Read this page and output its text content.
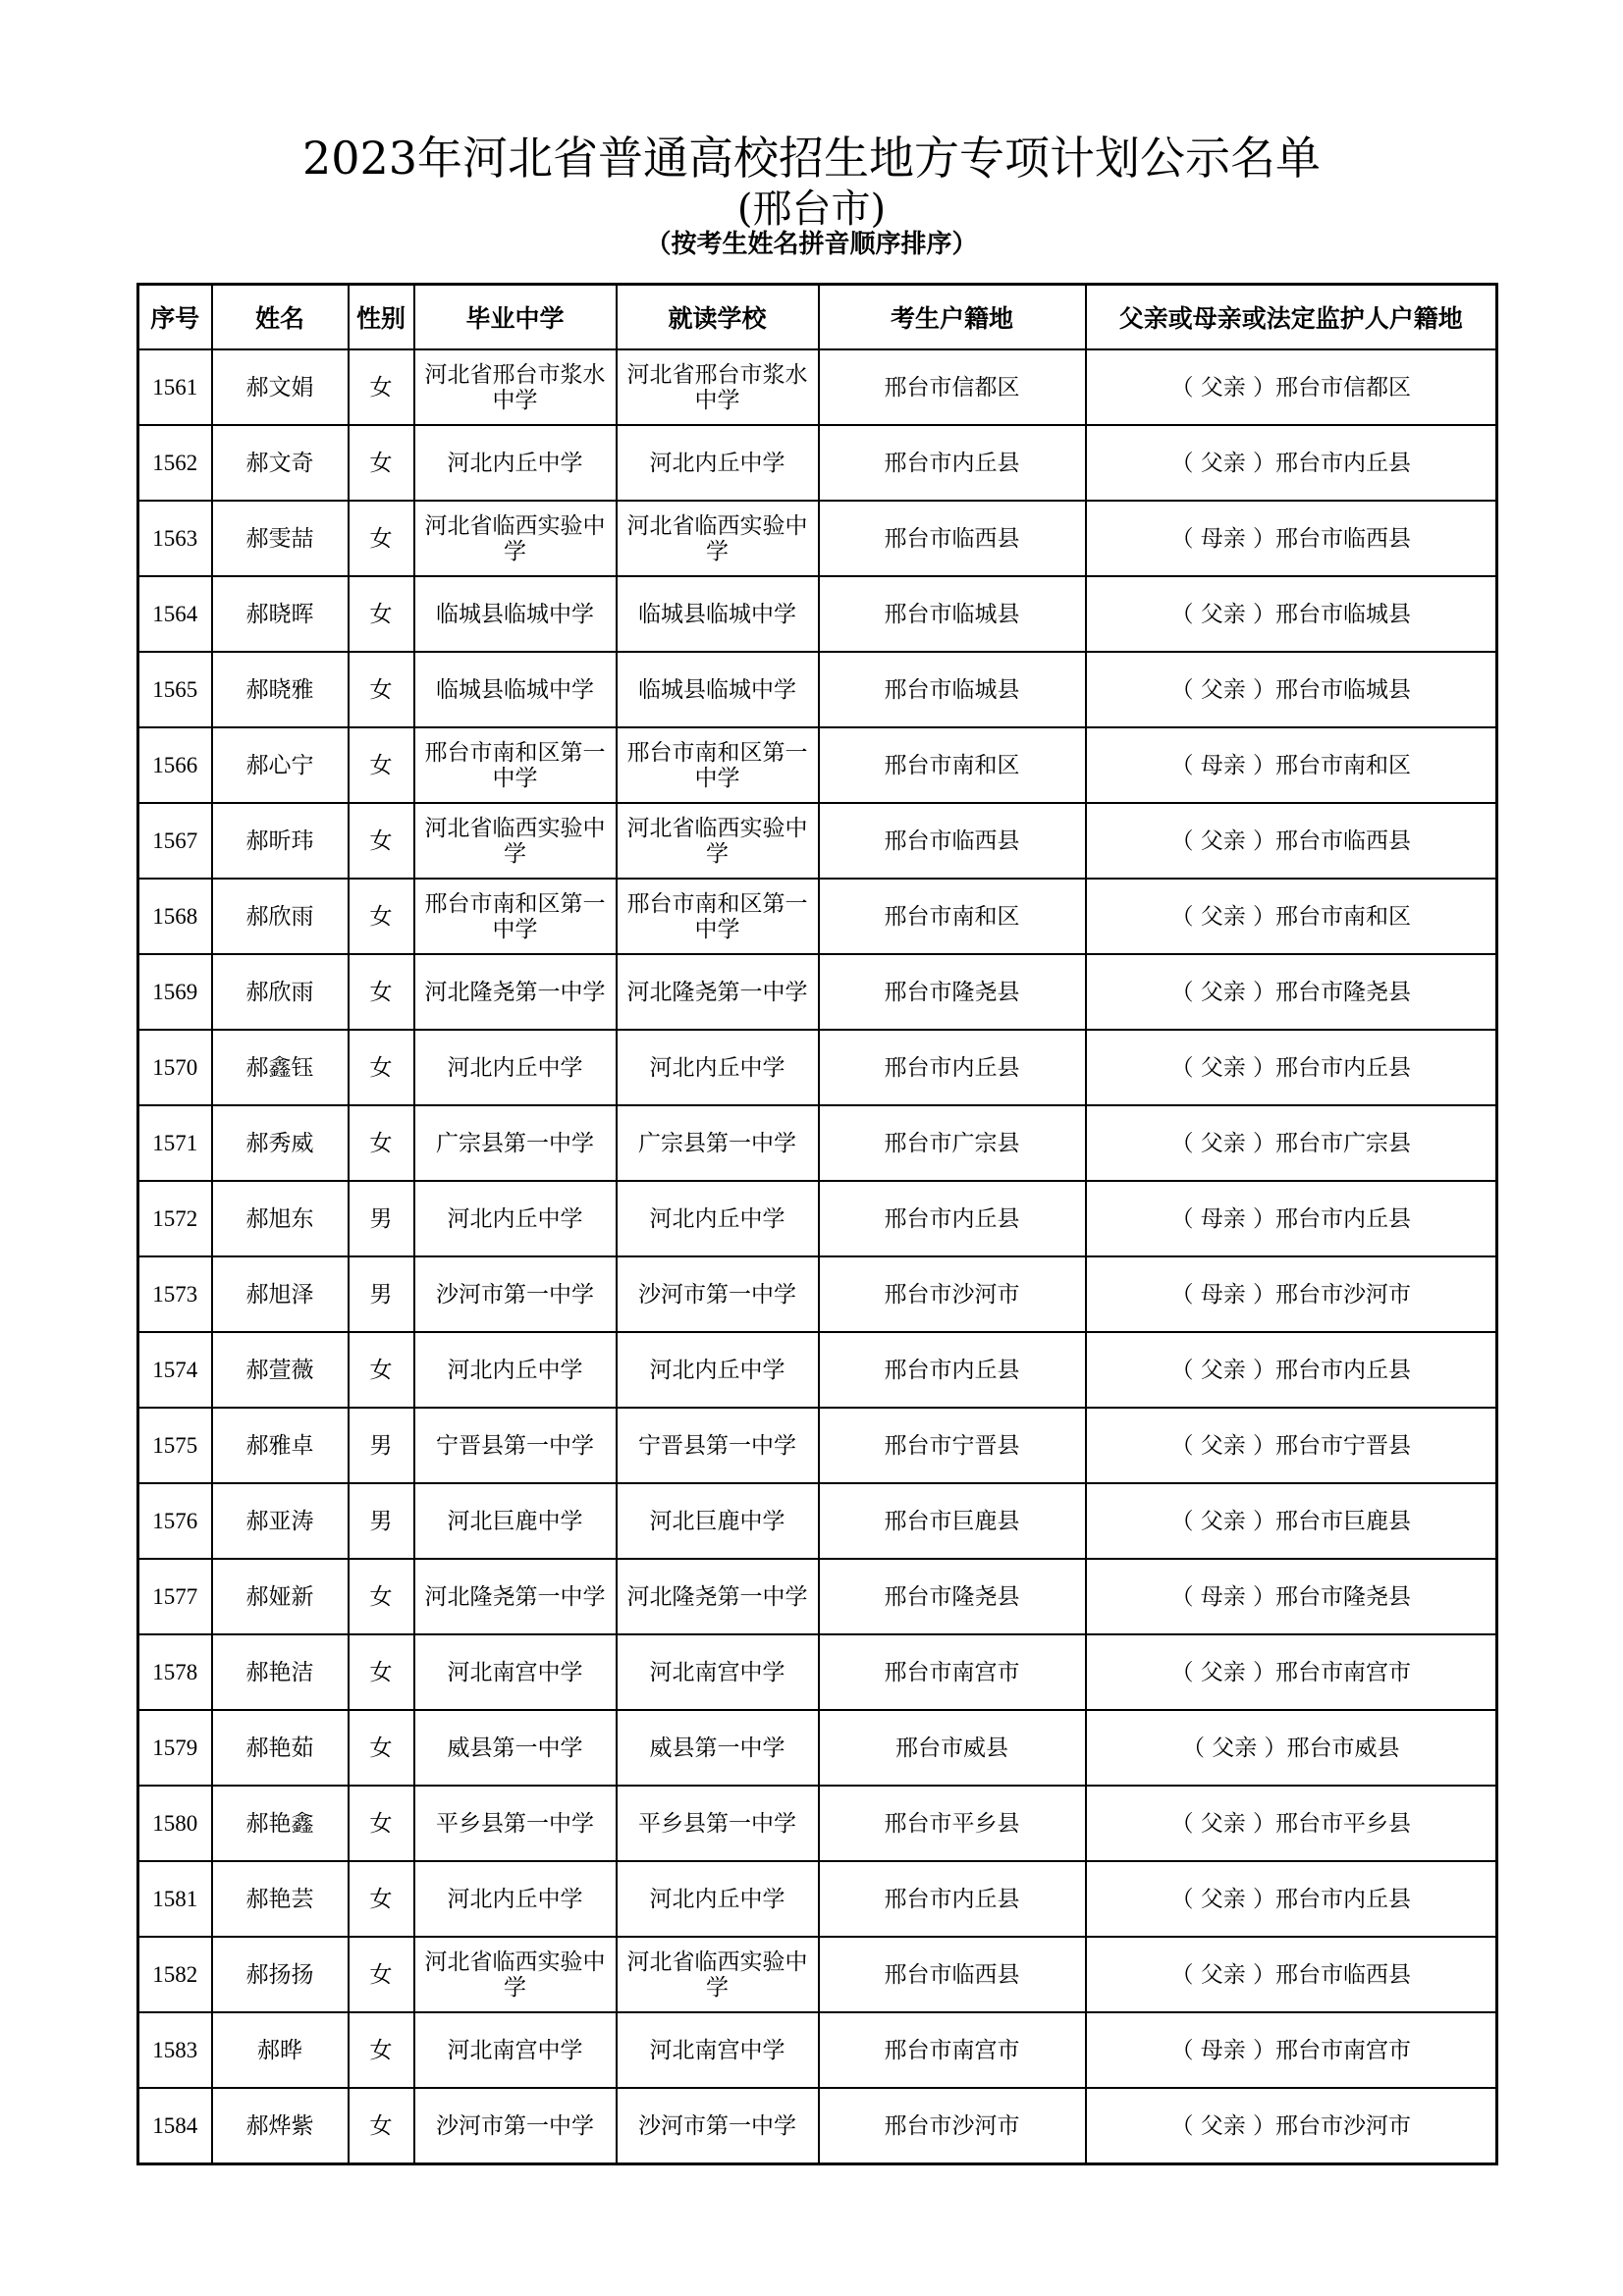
2023年河北省普通高校招生地方专项计划公示名单
(邢台市)
（按考生姓名拼音顺序排序）
序号	姓名	性别	毕业中学	就读学校	考生户籍地	父亲或母亲或法定监护人户籍地
1561	郝文娟	女	河北省邢台市浆水中学	河北省邢台市浆水中学	邢台市信都区	（ 父亲 ）邢台市信都区
1562	郝文奇	女	河北内丘中学	河北内丘中学	邢台市内丘县	（ 父亲 ）邢台市内丘县
1563	郝雯喆	女	河北省临西实验中学	河北省临西实验中学	邢台市临西县	（ 母亲 ）邢台市临西县
1564	郝晓晖	女	临城县临城中学	临城县临城中学	邢台市临城县	（ 父亲 ）邢台市临城县
1565	郝晓雅	女	临城县临城中学	临城县临城中学	邢台市临城县	（ 父亲 ）邢台市临城县
1566	郝心宁	女	邢台市南和区第一中学	邢台市南和区第一中学	邢台市南和区	（ 母亲 ）邢台市南和区
1567	郝昕玮	女	河北省临西实验中学	河北省临西实验中学	邢台市临西县	（ 父亲 ）邢台市临西县
1568	郝欣雨	女	邢台市南和区第一中学	邢台市南和区第一中学	邢台市南和区	（ 父亲 ）邢台市南和区
1569	郝欣雨	女	河北隆尧第一中学	河北隆尧第一中学	邢台市隆尧县	（ 父亲 ）邢台市隆尧县
1570	郝鑫钰	女	河北内丘中学	河北内丘中学	邢台市内丘县	（ 父亲 ）邢台市内丘县
1571	郝秀威	女	广宗县第一中学	广宗县第一中学	邢台市广宗县	（ 父亲 ）邢台市广宗县
1572	郝旭东	男	河北内丘中学	河北内丘中学	邢台市内丘县	（ 母亲 ）邢台市内丘县
1573	郝旭泽	男	沙河市第一中学	沙河市第一中学	邢台市沙河市	（ 母亲 ）邢台市沙河市
1574	郝萱薇	女	河北内丘中学	河北内丘中学	邢台市内丘县	（ 父亲 ）邢台市内丘县
1575	郝雅卓	男	宁晋县第一中学	宁晋县第一中学	邢台市宁晋县	（ 父亲 ）邢台市宁晋县
1576	郝亚涛	男	河北巨鹿中学	河北巨鹿中学	邢台市巨鹿县	（ 父亲 ）邢台市巨鹿县
1577	郝娅新	女	河北隆尧第一中学	河北隆尧第一中学	邢台市隆尧县	（ 母亲 ）邢台市隆尧县
1578	郝艳洁	女	河北南宫中学	河北南宫中学	邢台市南宫市	（ 父亲 ）邢台市南宫市
1579	郝艳茹	女	威县第一中学	威县第一中学	邢台市威县	（ 父亲 ）邢台市威县
1580	郝艳鑫	女	平乡县第一中学	平乡县第一中学	邢台市平乡县	（ 父亲 ）邢台市平乡县
1581	郝艳芸	女	河北内丘中学	河北内丘中学	邢台市内丘县	（ 父亲 ）邢台市内丘县
1582	郝扬扬	女	河北省临西实验中学	河北省临西实验中学	邢台市临西县	（ 父亲 ）邢台市临西县
1583	郝晔	女	河北南宫中学	河北南宫中学	邢台市南宫市	（ 母亲 ）邢台市南宫市
1584	郝烨紫	女	沙河市第一中学	沙河市第一中学	邢台市沙河市	（ 父亲 ）邢台市沙河市
